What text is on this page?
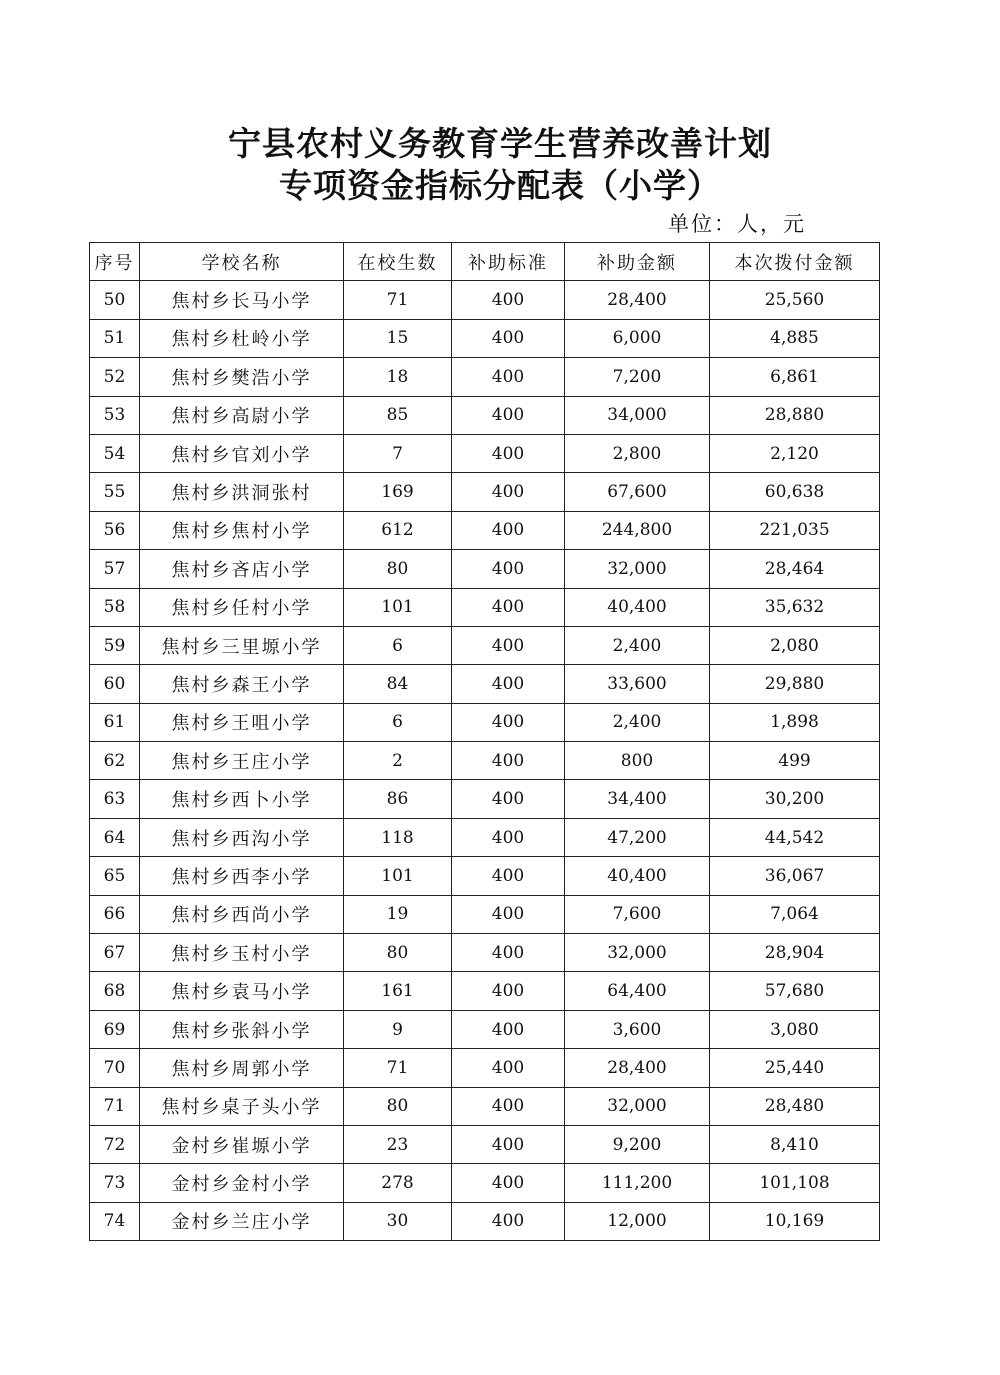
宁县农村义务教育学生营养改善计划
专项资金指标分配表（小学）
单位：人，元
序号	学校名称	在校生数	补助标准	补助金额	本次拨付金额
50	焦村乡长马小学	71	400	28,400	25,560
51	焦村乡杜岭小学	15	400	6,000	4,885
52	焦村乡樊浩小学	18	400	7,200	6,861
53	焦村乡高尉小学	85	400	34,000	28,880
54	焦村乡官刘小学	7	400	2,800	2,120
55	焦村乡洪洞张村	169	400	67,600	60,638
56	焦村乡焦村小学	612	400	244,800	221,035
57	焦村乡吝店小学	80	400	32,000	28,464
58	焦村乡任村小学	101	400	40,400	35,632
59	焦村乡三里塬小学	6	400	2,400	2,080
60	焦村乡森王小学	84	400	33,600	29,880
61	焦村乡王咀小学	6	400	2,400	1,898
62	焦村乡王庄小学	2	400	800	499
63	焦村乡西卜小学	86	400	34,400	30,200
64	焦村乡西沟小学	118	400	47,200	44,542
65	焦村乡西李小学	101	400	40,400	36,067
66	焦村乡西尚小学	19	400	7,600	7,064
67	焦村乡玉村小学	80	400	32,000	28,904
68	焦村乡袁马小学	161	400	64,400	57,680
69	焦村乡张斜小学	9	400	3,600	3,080
70	焦村乡周郭小学	71	400	28,400	25,440
71	焦村乡桌子头小学	80	400	32,000	28,480
72	金村乡崔塬小学	23	400	9,200	8,410
73	金村乡金村小学	278	400	111,200	101,108
74	金村乡兰庄小学	30	400	12,000	10,169
